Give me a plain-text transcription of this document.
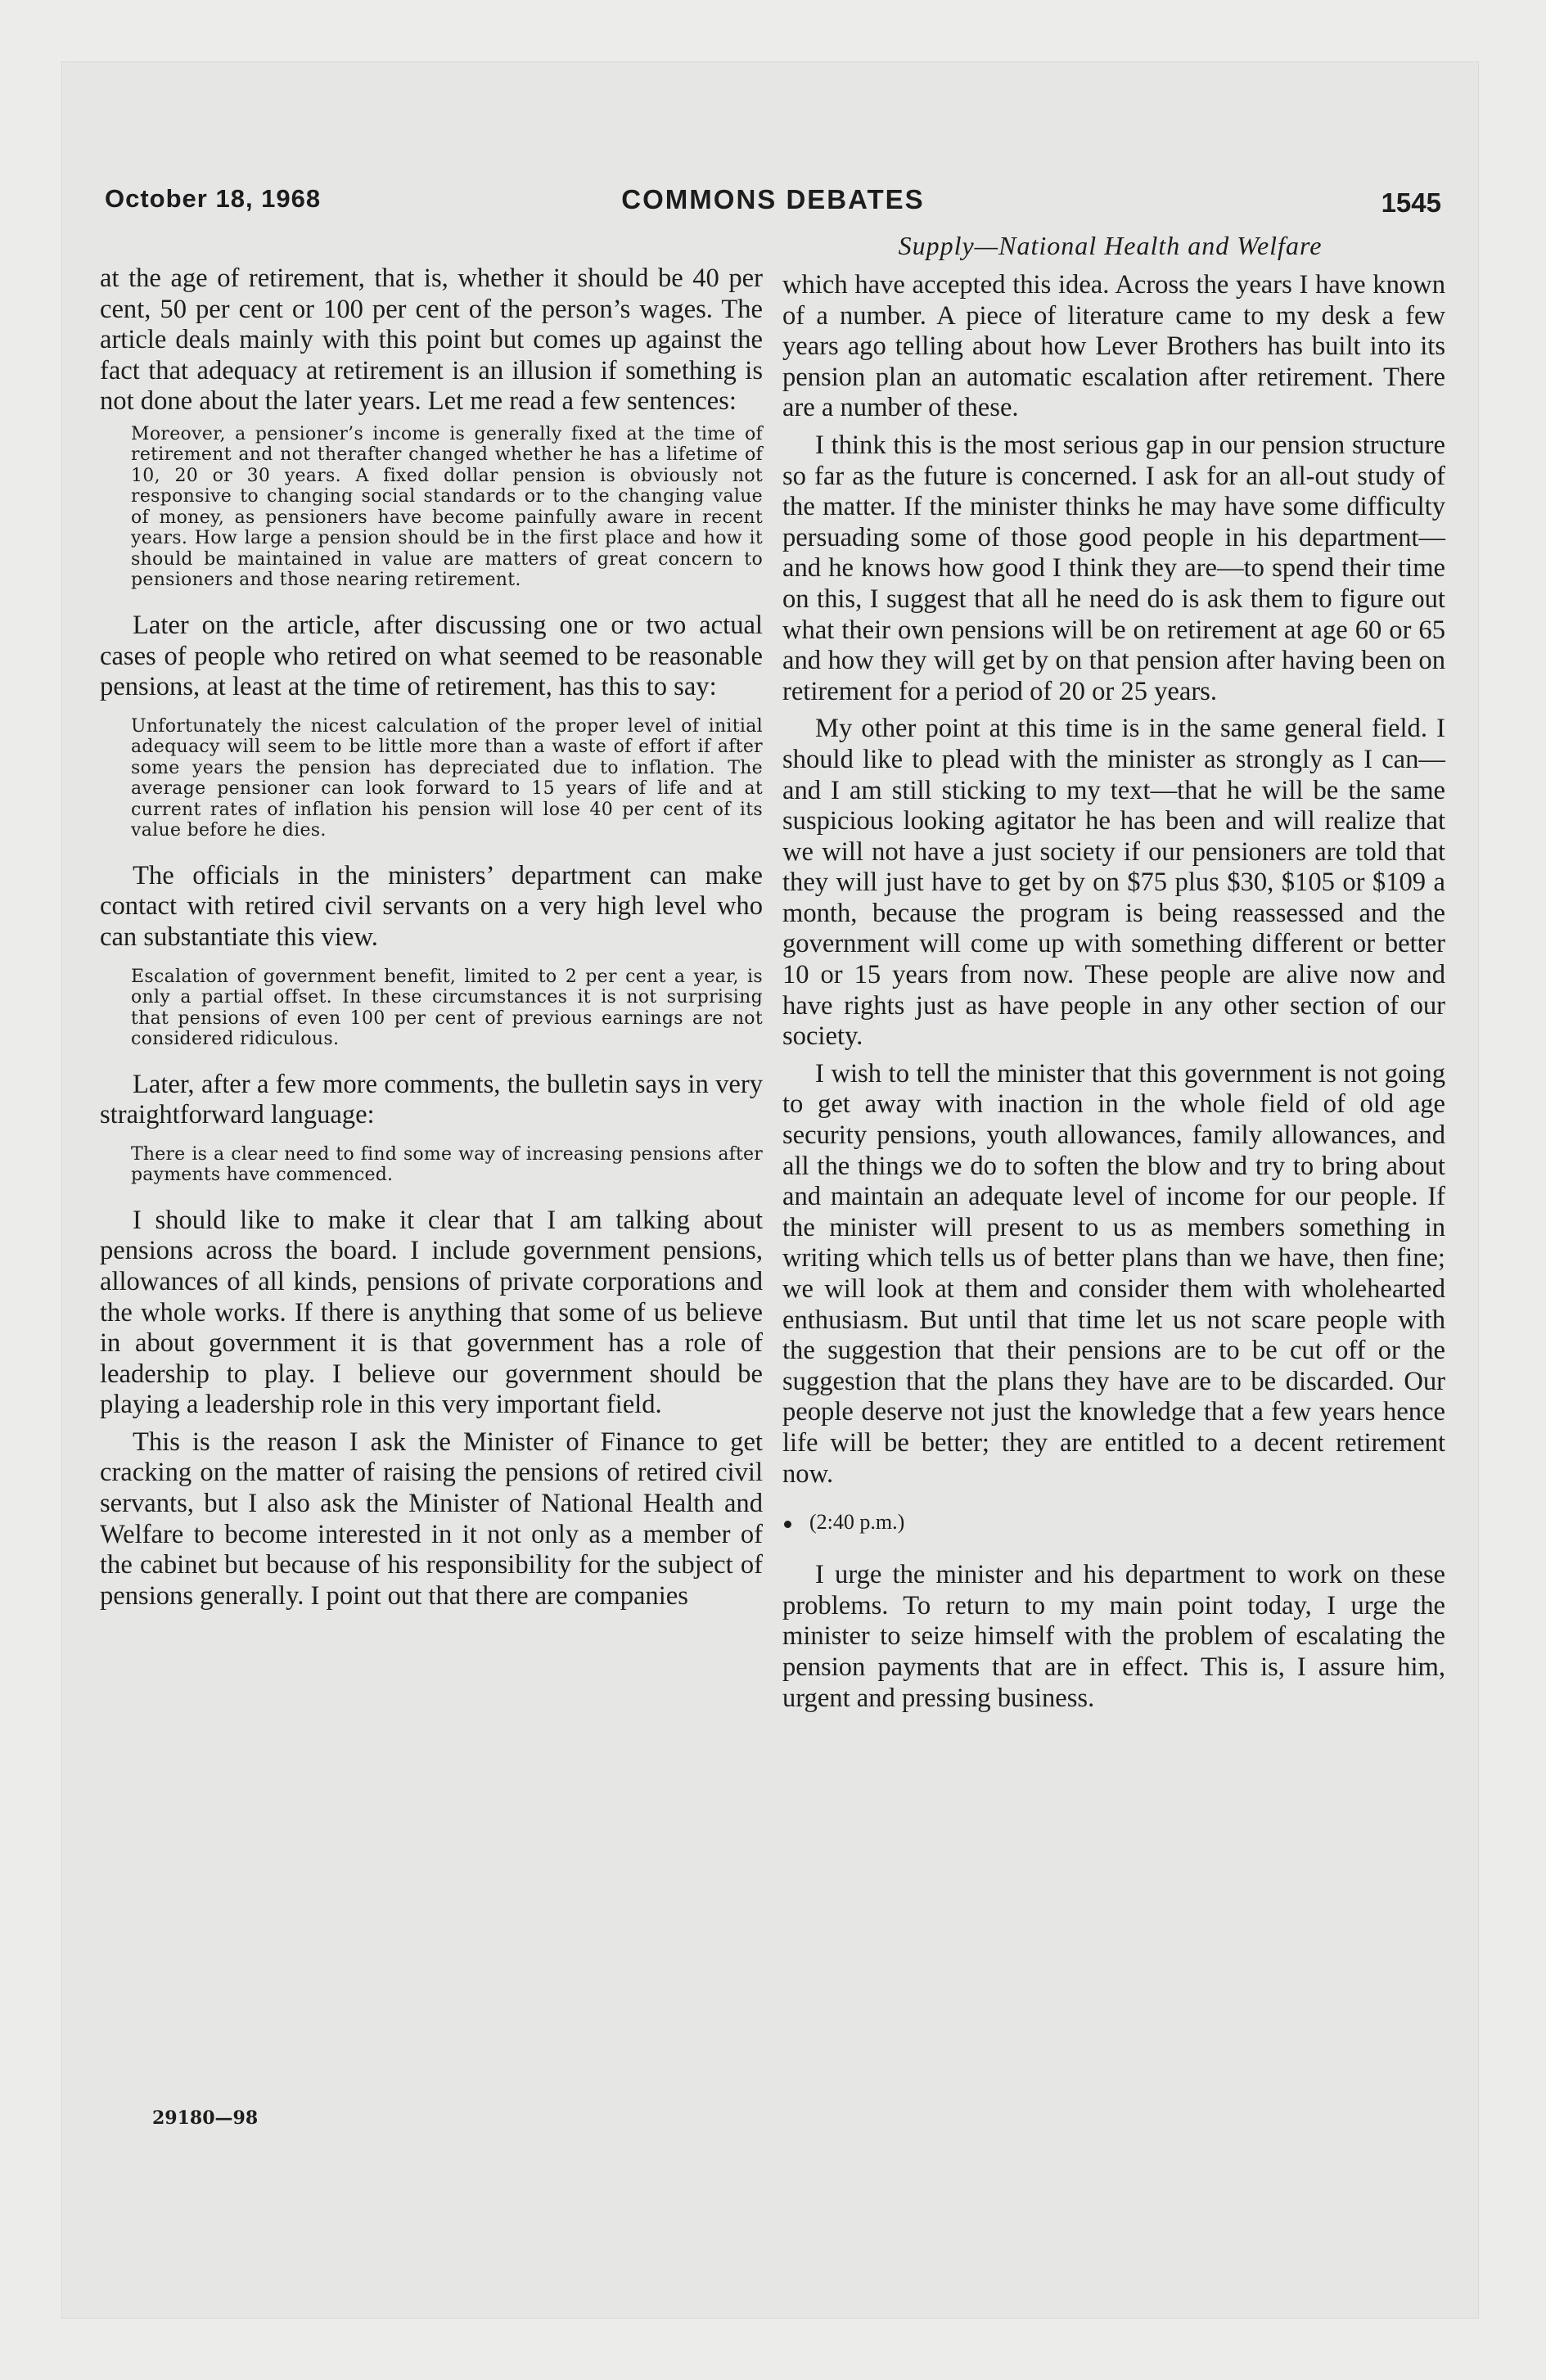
October 18, 1968	COMMONS DEBATES	1545
Supply—National Health and Welfare

at the age of retirement, that is, whether it should be 40 per cent, 50 per cent or 100 per cent of the person’s wages. The article deals mainly with this point but comes up against the fact that adequacy at retirement is an illusion if something is not done about the later years. Let me read a few sentences:

Moreover, a pensioner’s income is generally fixed at the time of retirement and not therafter changed whether he has a lifetime of 10, 20 or 30 years. A fixed dollar pension is obviously not responsive to changing social standards or to the changing value of money, as pensioners have become painfully aware in recent years. How large a pension should be in the first place and how it should be maintained in value are matters of great concern to pensioners and those nearing retirement.

Later on the article, after discussing one or two actual cases of people who retired on what seemed to be reasonable pensions, at least at the time of retirement, has this to say:

Unfortunately the nicest calculation of the proper level of initial adequacy will seem to be little more than a waste of effort if after some years the pension has depreciated due to inflation. The average pensioner can look forward to 15 years of life and at current rates of inflation his pension will lose 40 per cent of its value before he dies.

The officials in the ministers’ department can make contact with retired civil servants on a very high level who can substantiate this view.

Escalation of government benefit, limited to 2 per cent a year, is only a partial offset. In these circumstances it is not surprising that pensions of even 100 per cent of previous earnings are not considered ridiculous.

Later, after a few more comments, the bulletin says in very straightforward language:

There is a clear need to find some way of increasing pensions after payments have commenced.

I should like to make it clear that I am talking about pensions across the board. I include government pensions, allowances of all kinds, pensions of private corporations and the whole works. If there is anything that some of us believe in about government it is that government has a role of leadership to play. I believe our government should be playing a leadership role in this very important field.

This is the reason I ask the Minister of Finance to get cracking on the matter of raising the pensions of retired civil servants, but I also ask the Minister of National Health and Welfare to become interested in it not only as a member of the cabinet but because of his responsibility for the subject of pensions generally. I point out that there are companies

which have accepted this idea. Across the years I have known of a number. A piece of literature came to my desk a few years ago telling about how Lever Brothers has built into its pension plan an automatic escalation after retirement. There are a number of these.

I think this is the most serious gap in our pension structure so far as the future is concerned. I ask for an all-out study of the matter. If the minister thinks he may have some difficulty persuading some of those good people in his department—and he knows how good I think they are—to spend their time on this, I suggest that all he need do is ask them to figure out what their own pensions will be on retirement at age 60 or 65 and how they will get by on that pension after having been on retirement for a period of 20 or 25 years.

My other point at this time is in the same general field. I should like to plead with the minister as strongly as I can—and I am still sticking to my text—that he will be the same suspicious looking agitator he has been and will realize that we will not have a just society if our pensioners are told that they will just have to get by on $75 plus $30, $105 or $109 a month, because the program is being reassessed and the government will come up with something different or better 10 or 15 years from now. These people are alive now and have rights just as have people in any other section of our society.

I wish to tell the minister that this government is not going to get away with inaction in the whole field of old age security pensions, youth allowances, family allowances, and all the things we do to soften the blow and try to bring about and maintain an adequate level of income for our people. If the minister will present to us as members something in writing which tells us of better plans than we have, then fine; we will look at them and consider them with wholehearted enthusiasm. But until that time let us not scare people with the suggestion that their pensions are to be cut off or the suggestion that the plans they have are to be discarded. Our people deserve not just the knowledge that a few years hence life will be better; they are entitled to a decent retirement now.

(2:40 p.m.)

I urge the minister and his department to work on these problems. To return to my main point today, I urge the minister to seize himself with the problem of escalating the pension payments that are in effect. This is, I assure him, urgent and pressing business.

29180—98
